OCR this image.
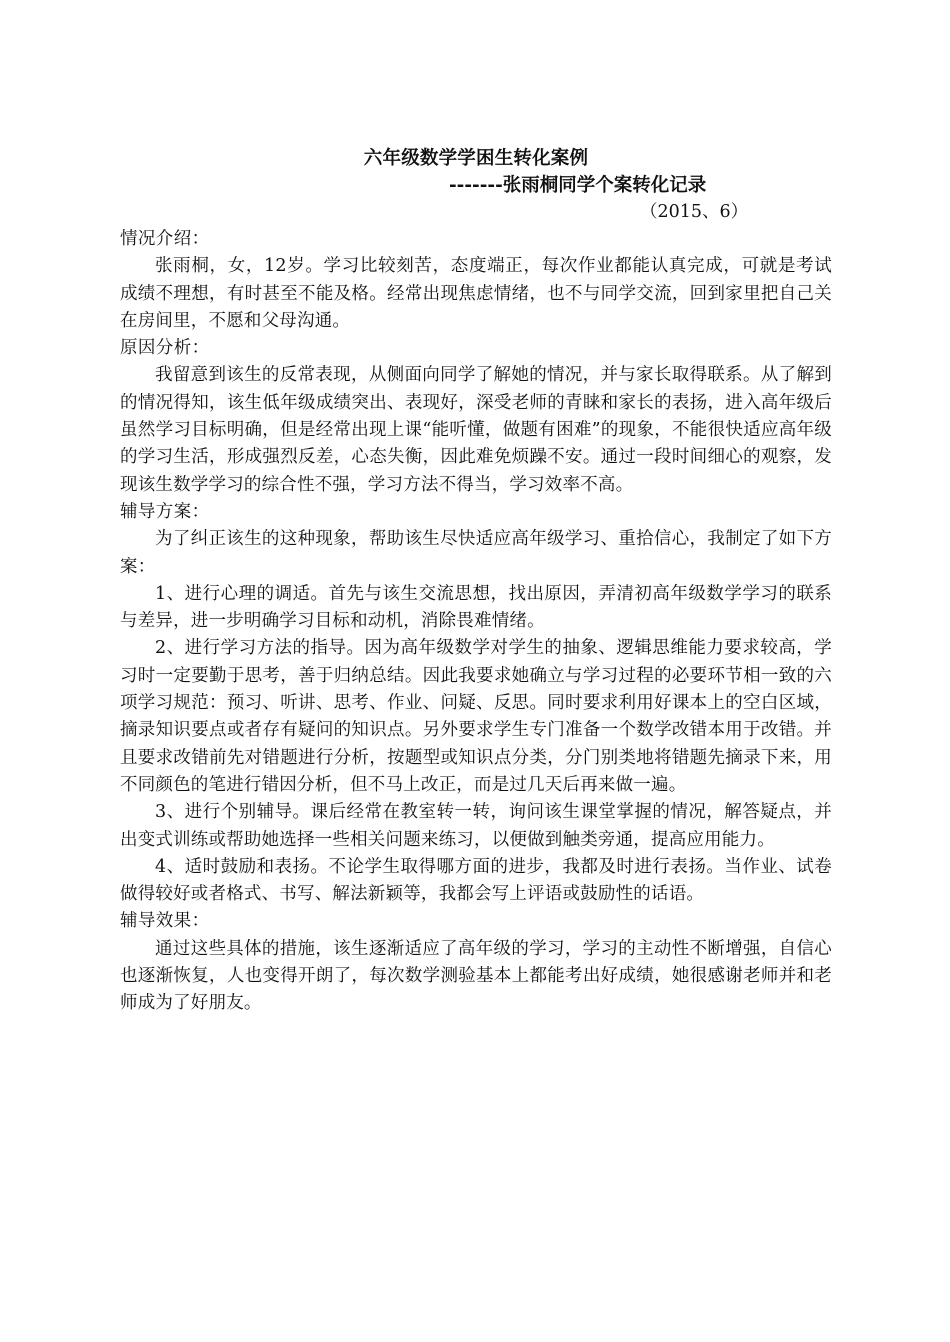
六年级数学学困生转化案例
-------张雨桐同学个案转化记录
（2015、6）
情况介绍：

张雨桐，女，12岁。学习比较刻苦，态度端正，每次作业都能认真完成，可就是考试成绩不理想，有时甚至不能及格。经常出现焦虑情绪，也不与同学交流，回到家里把自己关在房间里，不愿和父母沟通。

原因分析：

我留意到该生的反常表现，从侧面向同学了解她的情况，并与家长取得联系。从了解到的情况得知，该生低年级成绩突出、表现好，深受老师的青睐和家长的表扬，进入高年级后虽然学习目标明确，但是经常出现上课“能听懂，做题有困难”的现象，不能很快适应高年级的学习生活，形成强烈反差，心态失衡，因此难免烦躁不安。通过一段时间细心的观察，发现该生数学学习的综合性不强，学习方法不得当，学习效率不高。

辅导方案：

为了纠正该生的这种现象，帮助该生尽快适应高年级学习、重拾信心，我制定了如下方案：

1、进行心理的调适。首先与该生交流思想，找出原因，弄清初高年级数学学习的联系与差异，进一步明确学习目标和动机，消除畏难情绪。

2、进行学习方法的指导。因为高年级数学对学生的抽象、逻辑思维能力要求较高，学习时一定要勤于思考，善于归纳总结。因此我要求她确立与学习过程的必要环节相一致的六项学习规范：预习、听讲、思考、作业、问疑、反思。同时要求利用好课本上的空白区域，摘录知识要点或者存有疑问的知识点。另外要求学生专门准备一个数学改错本用于改错。并且要求改错前先对错题进行分析，按题型或知识点分类，分门别类地将错题先摘录下来，用不同颜色的笔进行错因分析，但不马上改正，而是过几天后再来做一遍。

3、进行个别辅导。课后经常在教室转一转，询问该生课堂掌握的情况，解答疑点，并出变式训练或帮助她选择一些相关问题来练习，以便做到触类旁通，提高应用能力。

4、适时鼓励和表扬。不论学生取得哪方面的进步，我都及时进行表扬。当作业、试卷做得较好或者格式、书写、解法新颖等，我都会写上评语或鼓励性的话语。

辅导效果：

通过这些具体的措施，该生逐渐适应了高年级的学习，学习的主动性不断增强，自信心也逐渐恢复，人也变得开朗了，每次数学测验基本上都能考出好成绩，她很感谢老师并和老师成为了好朋友。
